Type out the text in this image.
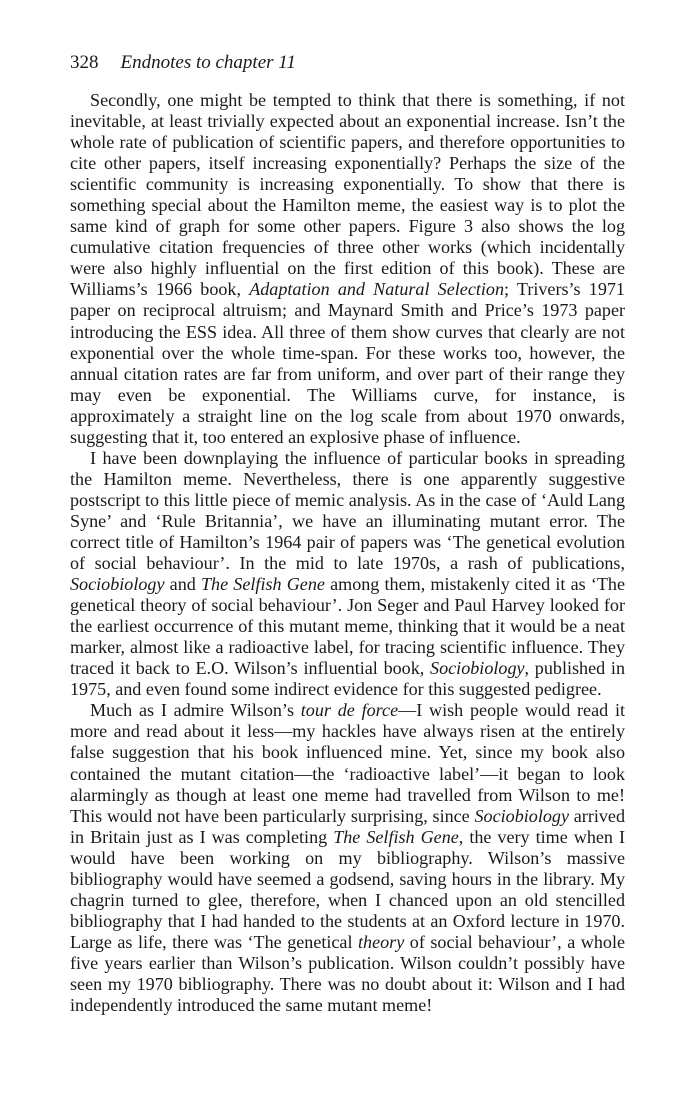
328 Endnotes to chapter 11

Secondly, one might be tempted to think that there is something, if not inevitable, at least trivially expected about an exponential increase. Isn’t the whole rate of publication of scientific papers, and therefore opportunities to cite other papers, itself increasing exponentially? Perhaps the size of the scientific community is increasing exponentially. To show that there is something special about the Hamilton meme, the easiest way is to plot the same kind of graph for some other papers. Figure 3 also shows the log cumulative citation frequencies of three other works (which incidentally were also highly influential on the first edition of this book). These are Williams’s 1966 book, Adaptation and Natural Selection; Trivers’s 1971 paper on reciprocal altruism; and Maynard Smith and Price’s 1973 paper introducing the ESS idea. All three of them show curves that clearly are not exponential over the whole time-span. For these works too, however, the annual citation rates are far from uniform, and over part of their range they may even be exponential. The Williams curve, for instance, is approximately a straight line on the log scale from about 1970 onwards, suggesting that it, too entered an explosive phase of influence.

I have been downplaying the influence of particular books in spreading the Hamilton meme. Nevertheless, there is one apparently suggestive postscript to this little piece of memic analysis. As in the case of ‘Auld Lang Syne’ and ‘Rule Britannia’, we have an illuminating mutant error. The correct title of Hamilton’s 1964 pair of papers was ‘The genetical evolution of social behaviour’. In the mid to late 1970s, a rash of publications, Sociobiology and The Selfish Gene among them, mistakenly cited it as ‘The genetical theory of social behaviour’. Jon Seger and Paul Harvey looked for the earliest occurrence of this mutant meme, thinking that it would be a neat marker, almost like a radioactive label, for tracing scientific influence. They traced it back to E.O. Wilson’s influential book, Sociobiology, published in 1975, and even found some indirect evidence for this suggested pedigree.

Much as I admire Wilson’s tour de force—I wish people would read it more and read about it less—my hackles have always risen at the entirely false suggestion that his book influenced mine. Yet, since my book also contained the mutant citation—the ‘radioactive label’—it began to look alarmingly as though at least one meme had travelled from Wilson to me! This would not have been particularly surprising, since Sociobiology arrived in Britain just as I was completing The Selfish Gene, the very time when I would have been working on my bibliography. Wilson’s massive bibliography would have seemed a godsend, saving hours in the library. My chagrin turned to glee, therefore, when I chanced upon an old stencilled bibliography that I had handed to the students at an Oxford lecture in 1970. Large as life, there was ‘The genetical theory of social behaviour’, a whole five years earlier than Wilson’s publication. Wilson couldn’t possibly have seen my 1970 bibliography. There was no doubt about it: Wilson and I had independently introduced the same mutant meme!
